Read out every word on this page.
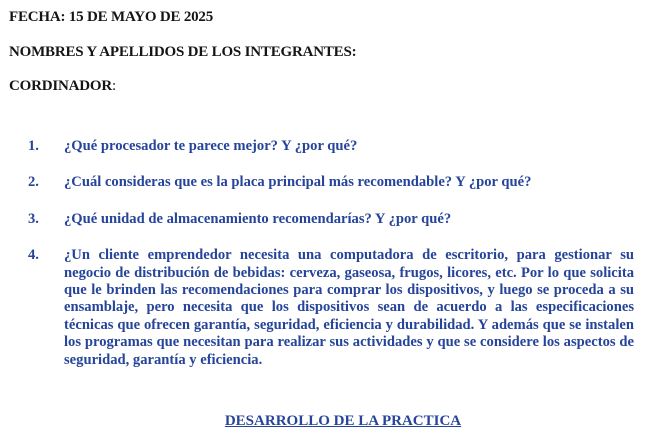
FECHA: 15 DE MAYO DE 2025
NOMBRES Y APELLIDOS DE LOS INTEGRANTES:
CORDINADOR:
1. ¿Qué procesador te parece mejor? Y ¿por qué?
2. ¿Cuál consideras que es la placa principal más recomendable? Y ¿por qué?
3. ¿Qué unidad de almacenamiento recomendarías? Y ¿por qué?
4. ¿Un cliente emprendedor necesita una computadora de escritorio, para gestionar su negocio de distribución de bebidas: cerveza, gaseosa, frugos, licores, etc. Por lo que solicita que le brinden las recomendaciones para comprar los dispositivos, y luego se proceda a su ensamblaje, pero necesita que los dispositivos sean de acuerdo a las especificaciones técnicas que ofrecen garantía, seguridad, eficiencia y durabilidad. Y además que se instalen los programas que necesitan para realizar sus actividades y que se considere los aspectos de seguridad, garantía y eficiencia.
DESARROLLO DE LA PRACTICA
